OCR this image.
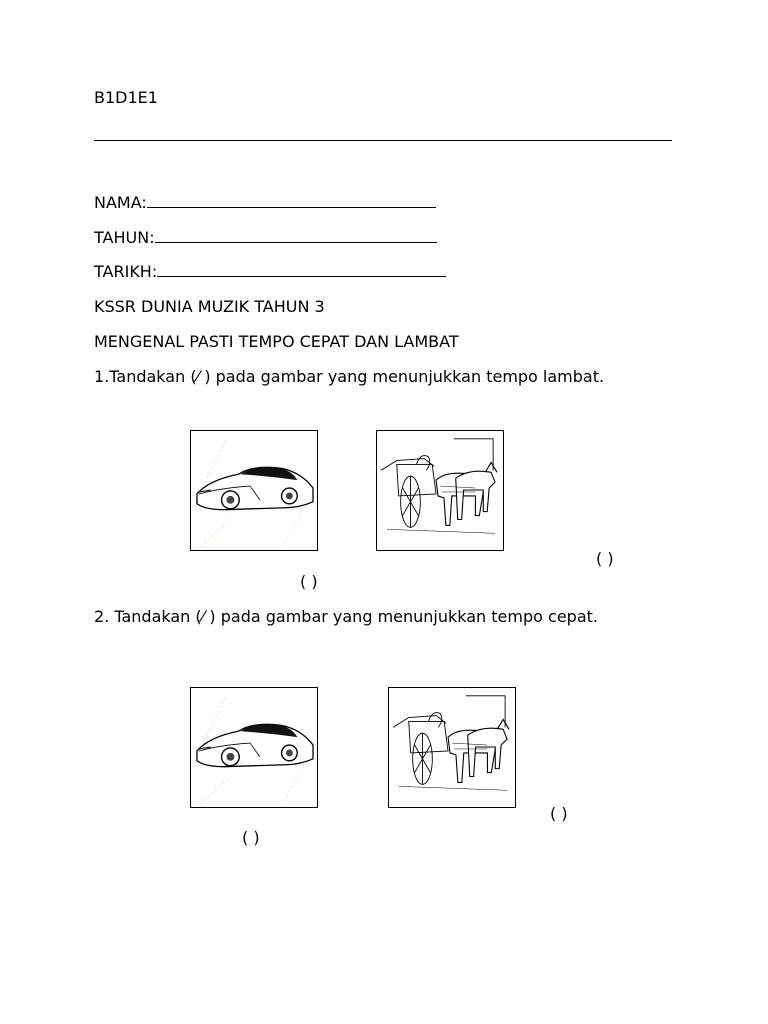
B1D1E1
NAMA:
TAHUN:
TARIKH:
KSSR DUNIA MUZIK TAHUN 3
MENGENAL PASTI TEMPO CEPAT DAN LAMBAT
1.Tandakan (⁄ ) pada gambar yang menunjukkan tempo lambat.
( )
( )
2. Tandakan (⁄ ) pada gambar yang menunjukkan tempo cepat.
( )
( )
